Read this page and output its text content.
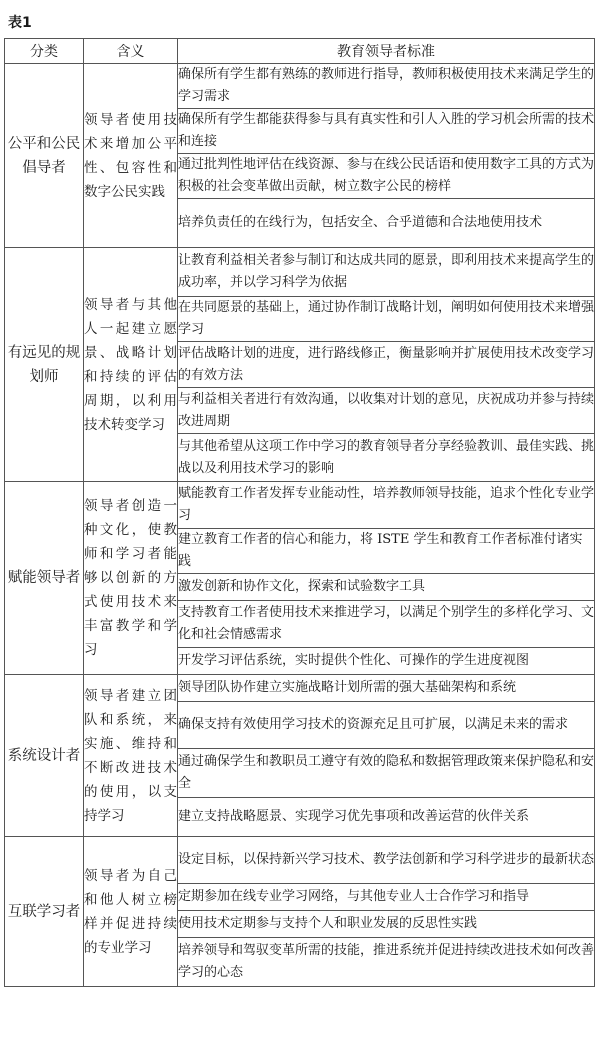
表1
分类	含义	教育领导者标准
公平和公民倡导者	领导者使用技术来增加公平性、包容性和数字公民实践	确保所有学生都有熟练的教师进行指导，教师积极使用技术来满足学生的学习需求
		确保所有学生都能获得参与具有真实性和引人入胜的学习机会所需的技术和连接
		通过批判性地评估在线资源、参与在线公民话语和使用数字工具的方式为积极的社会变革做出贡献，树立数字公民的榜样
		培养负责任的在线行为，包括安全、合乎道德和合法地使用技术
有远见的规划师	领导者与其他人一起建立愿景、战略计划和持续的评估周期，以利用技术转变学习	让教育利益相关者参与制订和达成共同的愿景，即利用技术来提高学生的成功率，并以学习科学为依据
		在共同愿景的基础上，通过协作制订战略计划，阐明如何使用技术来增强学习
		评估战略计划的进度，进行路线修正，衡量影响并扩展使用技术改变学习的有效方法
		与利益相关者进行有效沟通，以收集对计划的意见，庆祝成功并参与持续改进周期
		与其他希望从这项工作中学习的教育领导者分享经验教训、最佳实践、挑战以及利用技术学习的影响
赋能领导者	领导者创造一种文化，使教师和学习者能够以创新的方式使用技术来丰富教学和学习	赋能教育工作者发挥专业能动性，培养教师领导技能，追求个性化专业学习
		建立教育工作者的信心和能力，将 ISTE 学生和教育工作者标准付诸实践
		激发创新和协作文化，探索和试验数字工具
		支持教育工作者使用技术来推进学习，以满足个别学生的多样化学习、文化和社会情感需求
		开发学习评估系统，实时提供个性化、可操作的学生进度视图
系统设计者	领导者建立团队和系统，来实施、维持和不断改进技术的使用，以支持学习	领导团队协作建立实施战略计划所需的强大基础架构和系统
		确保支持有效使用学习技术的资源充足且可扩展，以满足未来的需求
		通过确保学生和教职员工遵守有效的隐私和数据管理政策来保护隐私和安全
		建立支持战略愿景、实现学习优先事项和改善运营的伙伴关系
互联学习者	领导者为自己和他人树立榜样并促进持续的专业学习	设定目标，以保持新兴学习技术、教学法创新和学习科学进步的最新状态
		定期参加在线专业学习网络，与其他专业人士合作学习和指导
		使用技术定期参与支持个人和职业发展的反思性实践
		培养领导和驾驭变革所需的技能，推进系统并促进持续改进技术如何改善学习的心态
